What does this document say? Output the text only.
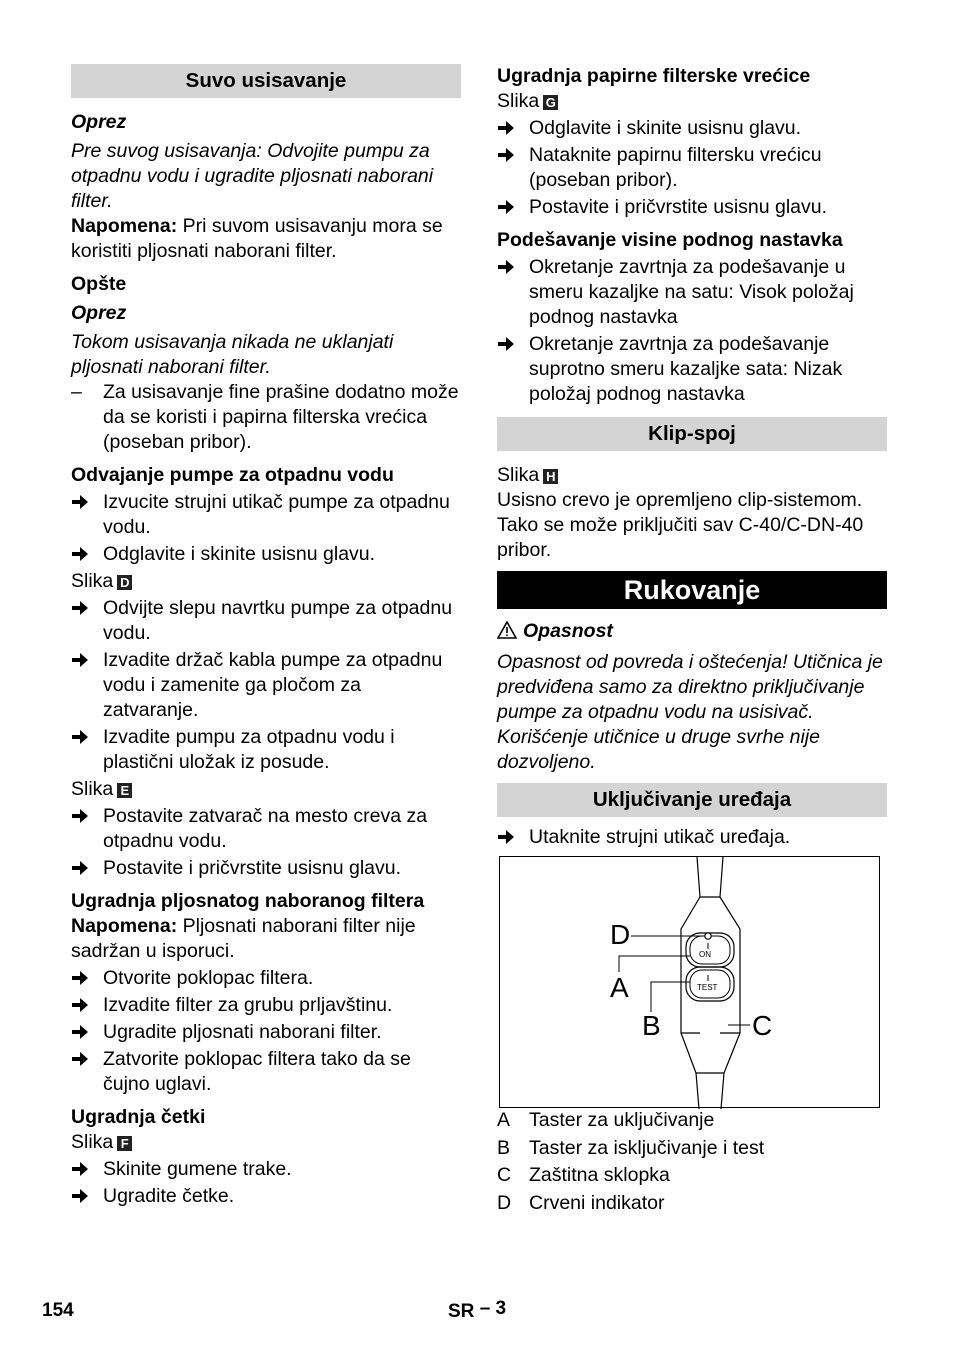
Suvo usisavanje

Oprez

Pre suvog usisavanja: Odvojite pumpu za otpadnu vodu i ugradite pljosnati naborani filter.

Napomena: Pri suvom usisavanju mora se koristiti pljosnati naborani filter.

Opšte

Oprez

Tokom usisavanja nikada ne uklanjati pljosnati naborani filter.

– Za usisavanje fine prašine dodatno može da se koristi i papirna filterska vrećica (poseban pribor).

Odvajanje pumpe za otpadnu vodu

Izvucite strujni utikač pumpe za otpadnu vodu.
Odglavite i skinite usisnu glavu.

Slika D

Odvijte slepu navrtku pumpe za otpadnu vodu.
Izvadite držač kabla pumpe za otpadnu vodu i zamenite ga pločom za zatvaranje.
Izvadite pumpu za otpadnu vodu i plastični uložak iz posude.

Slika E

Postavite zatvarač na mesto creva za otpadnu vodu.
Postavite i pričvrstite usisnu glavu.

Ugradnja pljosnatog naboranog filtera

Napomena: Pljosnati naborani filter nije sadržan u isporuci.

Otvorite poklopac filtera.
Izvadite filter za grubu prljavštinu.
Ugradite pljosnati naborani filter.
Zatvorite poklopac filtera tako da se čujno uglavi.

Ugradnja četki

Slika F

Skinite gumene trake.
Ugradite četke.

Ugradnja papirne filterske vrećice

Slika G

Odglavite i skinite usisnu glavu.
Nataknite papirnu filtersku vrećicu (poseban pribor).
Postavite i pričvrstite usisnu glavu.

Podešavanje visine podnog nastavka

Okretanje zavrtnja za podešavanje u smeru kazaljke na satu: Visok položaj podnog nastavka
Okretanje zavrtnja za podešavanje suprotno smeru kazaljke sata: Nizak položaj podnog nastavka
Klip-spoj

Slika H

Usisno crevo je opremljeno clip-sistemom. Tako se može priključiti sav C-40/C-DN-40 pribor.

Rukovanje

Opasnost

Opasnost od povreda i oštećenja! Utičnica je predviđena samo za direktno priključivanje pumpe za otpadnu vodu na usisivač. Korišćenje utičnice u druge svrhe nije dozvoljeno.

Uključivanje uređaja
Utaknite strujni utikač uređaja.
D
A
B	C
ON
TEST
A Taster za uključivanje
B Taster za isključivanje i test
C Zaštitna sklopka
D Crveni indikator
154	SR – 3
